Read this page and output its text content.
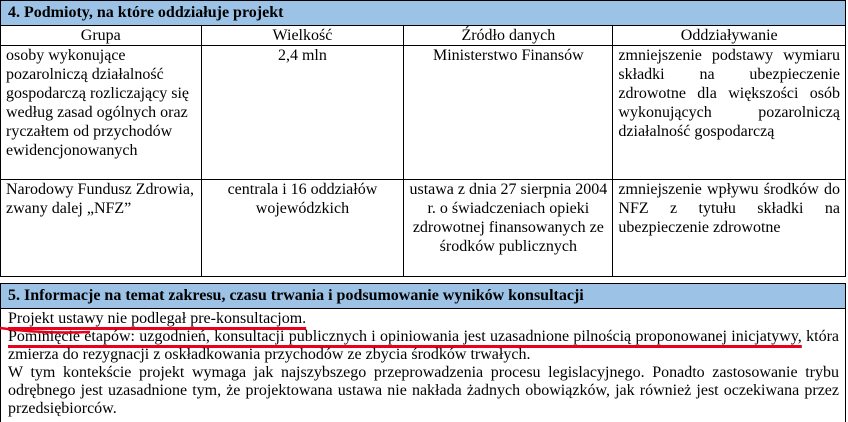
4. Podmioty, na które oddziałuje projekt
Grupa	Wielkość	Źródło danych	Oddziaływanie
osoby wykonujące pozarolniczą działalność gospodarczą rozliczający się według zasad ogólnych oraz ryczałtem od przychodów ewidencjonowanych	2,4 mln	Ministerstwo Finansów	zmniejszenie podstawy wymiaru składki na ubezpieczenie zdrowotne dla większości osób wykonujących pozarolniczą działalność gospodarczą
Narodowy Fundusz Zdrowia, zwany dalej „NFZ”	centrala i 16 oddziałów wojewódzkich	ustawa z dnia 27 sierpnia 2004 r. o świadczeniach opieki zdrowotnej finansowanych ze środków publicznych	zmniejszenie wpływu środków do NFZ z tytułu składki na ubezpieczenie zdrowotne
5. Informacje na temat zakresu, czasu trwania i podsumowanie wyników konsultacji

Projekt ustawy nie podlegał pre-konsultacjom.

Pominięcie etapów: uzgodnień, konsultacji publicznych i opiniowania jest uzasadnione pilnością proponowanej inicjatywy, która zmierza do rezygnacji z oskładkowania przychodów ze zbycia środków trwałych.

W tym kontekście projekt wymaga jak najszybszego przeprowadzenia procesu legislacyjnego. Ponadto zastosowanie trybu odrębnego jest uzasadnione tym, że projektowana ustawa nie nakłada żadnych obowiązków, jak również jest oczekiwana przez przedsiębiorców.
